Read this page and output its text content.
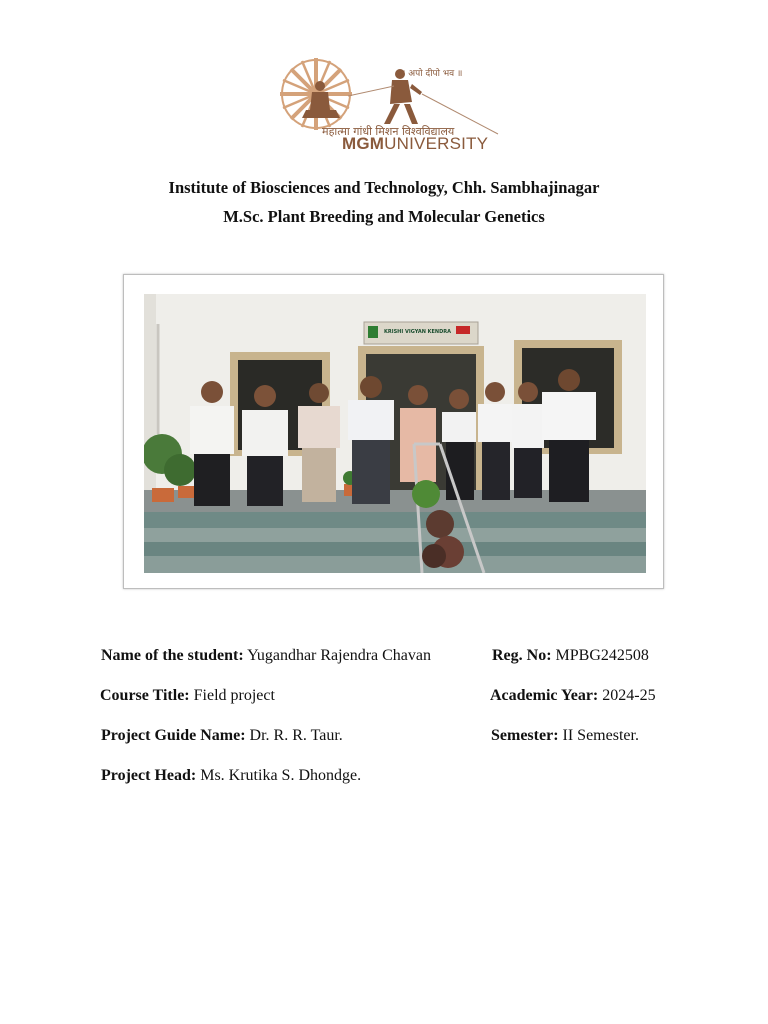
॥ अपो दीपो भव ॥
महात्मा गांधी मिशन विश्वविद्यालय
MGMUNIVERSITY
Institute of Biosciences and Technology, Chh. Sambhajinagar
M.Sc. Plant Breeding and Molecular Genetics
KRISHI VIGYAN KENDRA
Name of the student: Yugandhar Rajendra Chavan	Reg. No: MPBG242508
Course Title: Field project	Academic Year: 2024-25
Project Guide Name: Dr. R. R. Taur.	Semester: II Semester.
Project Head: Ms. Krutika S. Dhondge.
